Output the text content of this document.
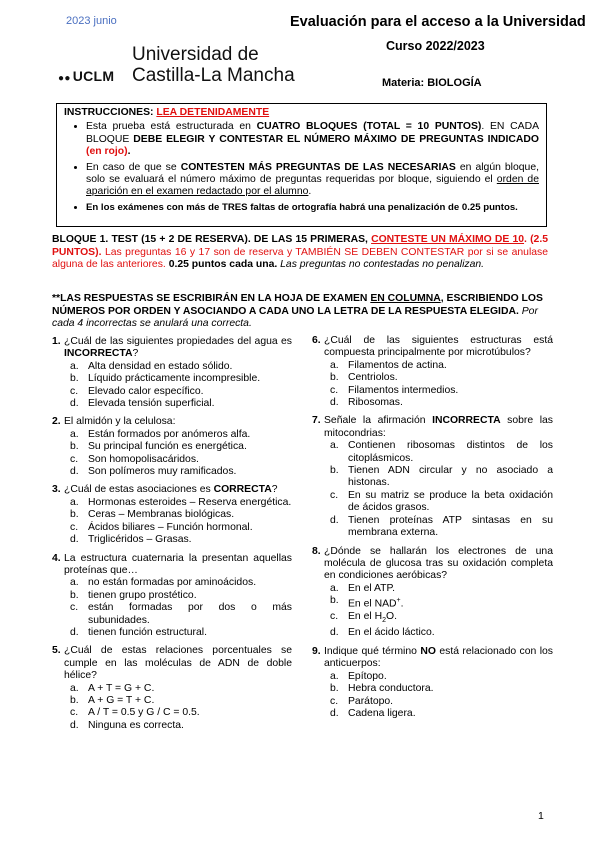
2023 junio	Evaluación para el acceso a la Universidad
Curso 2022/2023
Materia: BIOLOGÍA
●● UCLM
Universidad de
Castilla-La Mancha
INSTRUCCIONES: LEA DETENIDAMENTE
• Esta prueba está estructurada en CUATRO BLOQUES (TOTAL = 10 PUNTOS). EN CADA BLOQUE DEBE ELEGIR Y CONTESTAR EL NÚMERO MÁXIMO DE PREGUNTAS INDICADO (en rojo).
• En caso de que se CONTESTEN MÁS PREGUNTAS DE LAS NECESARIAS en algún bloque, solo se evaluará el número máximo de preguntas requeridas por bloque, siguiendo el orden de aparición en el examen redactado por el alumno.
• En los exámenes con más de TRES faltas de ortografía habrá una penalización de 0.25 puntos.
BLOQUE 1. TEST (15 + 2 DE RESERVA). DE LAS 15 PRIMERAS, CONTESTE UN MÁXIMO DE 10. (2.5 PUNTOS). Las preguntas 16 y 17 son de reserva y TAMBIÉN SE DEBEN CONTESTAR por si se anulase alguna de las anteriores. 0.25 puntos cada una. Las preguntas no contestadas no penalizan.
**LAS RESPUESTAS SE ESCRIBIRÁN EN LA HOJA DE EXAMEN EN COLUMNA, ESCRIBIENDO LOS NÚMEROS POR ORDEN Y ASOCIANDO A CADA UNO LA LETRA DE LA RESPUESTA ELEGIDA. Por cada 4 incorrectas se anulará una correcta.
1. ¿Cuál de las siguientes propiedades del agua es INCORRECTA?
a. Alta densidad en estado sólido.
b. Líquido prácticamente incompresible.
c. Elevado calor específico.
d. Elevada tensión superficial.
2. El almidón y la celulosa:
a. Están formados por anómeros alfa.
b. Su principal función es energética.
c. Son homopolisacáridos.
d. Son polímeros muy ramificados.
3. ¿Cuál de estas asociaciones es CORRECTA?
a. Hormonas esteroides – Reserva energética.
b. Ceras – Membranas biológicas.
c. Ácidos biliares – Función hormonal.
d. Triglicéridos – Grasas.
4. La estructura cuaternaria la presentan aquellas proteínas que…
a. no están formadas por aminoácidos.
b. tienen grupo prostético.
c. están formadas por dos o más subunidades.
d. tienen función estructural.
5. ¿Cuál de estas relaciones porcentuales se cumple en las moléculas de ADN de doble hélice?
a. A + T = G + C.
b. A + G = T + C.
c. A / T = 0.5 y G / C = 0.5.
d. Ninguna es correcta.
6. ¿Cuál de las siguientes estructuras está compuesta principalmente por microtúbulos?
a. Filamentos de actina.
b. Centriolos.
c. Filamentos intermedios.
d. Ribosomas.
7. Señale la afirmación INCORRECTA sobre las mitocondrias:
a. Contienen ribosomas distintos de los citoplásmicos.
b. Tienen ADN circular y no asociado a histonas.
c. En su matriz se produce la beta oxidación de ácidos grasos.
d. Tienen proteínas ATP sintasas en su membrana externa.
8. ¿Dónde se hallarán los electrones de una molécula de glucosa tras su oxidación completa en condiciones aeróbicas?
a. En el ATP.
b. En el NAD+.
c. En el $H_2O$.
d. En el ácido láctico.
9. Indique qué término NO está relacionado con los anticuerpos:
a. Epítopo.
b. Hebra conductora.
c. Parátopo.
d. Cadena ligera.
1
